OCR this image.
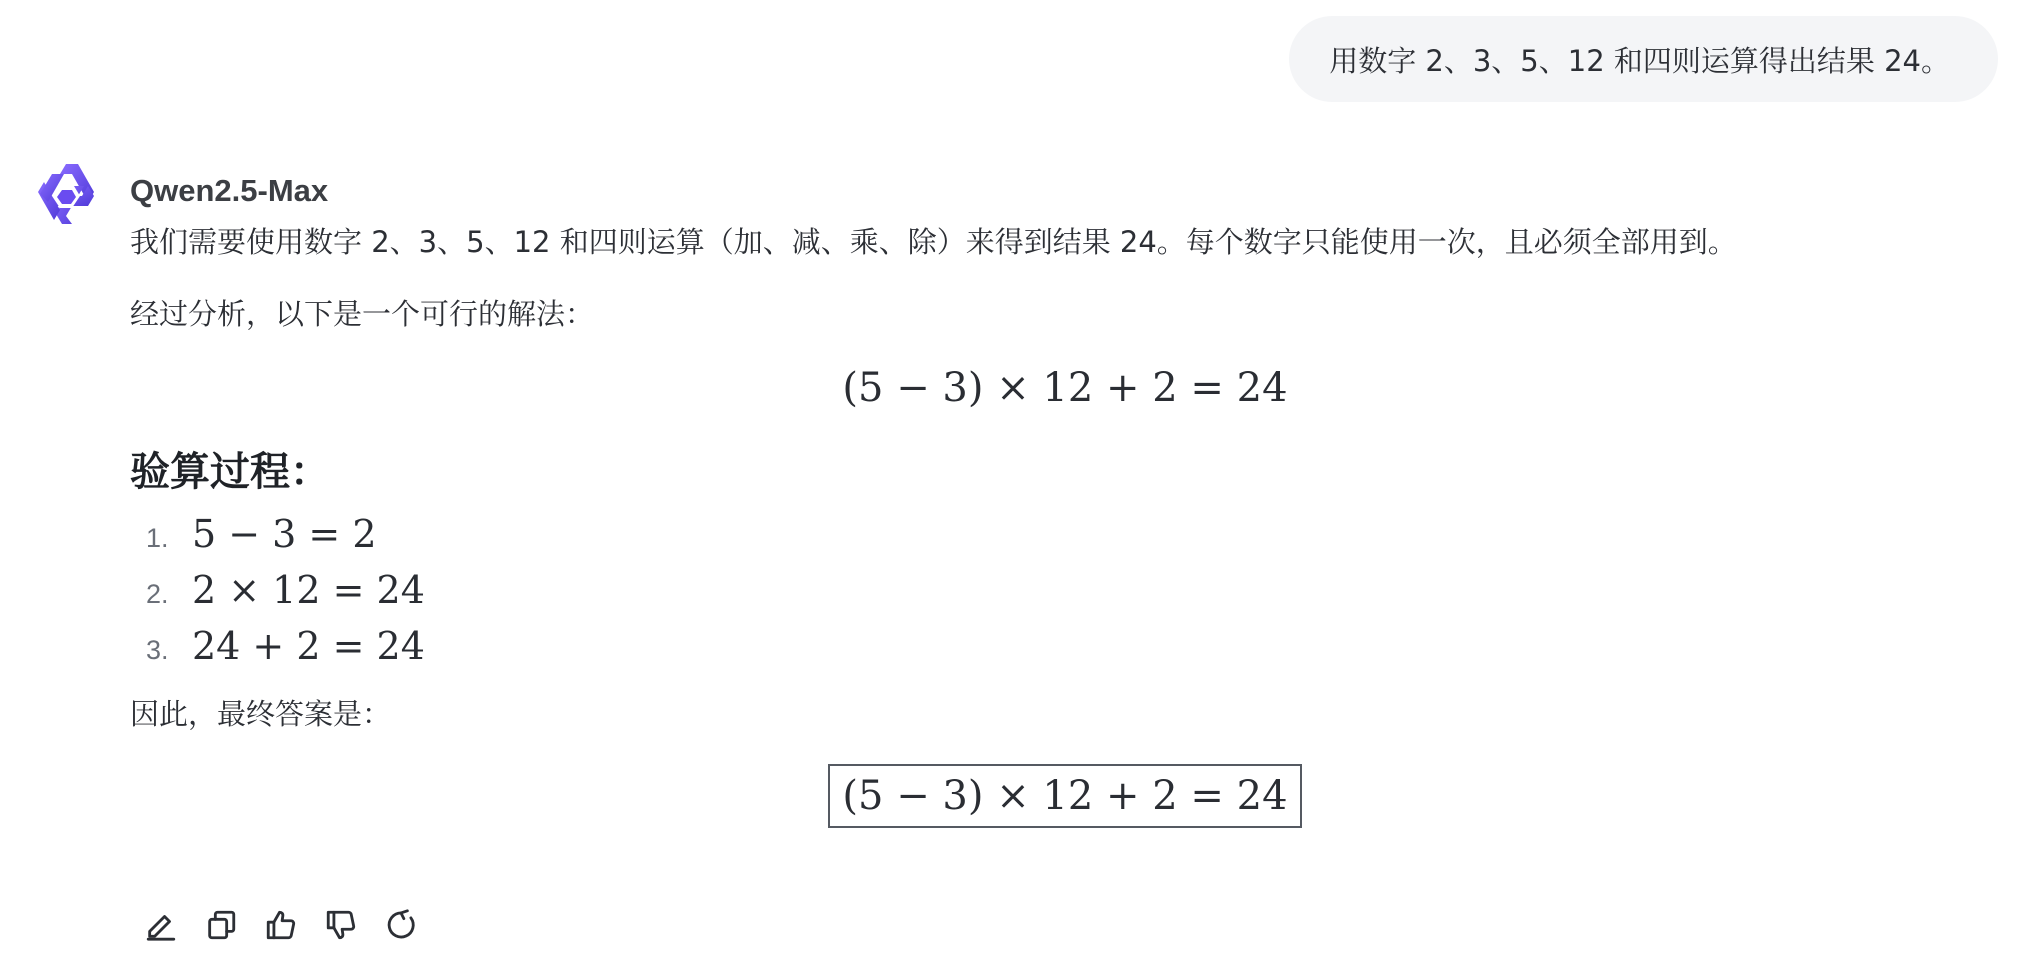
用数字 2、3、5、12 和四则运算得出结果 24。
Qwen2.5-Max
我们需要使用数字 2、3、5、12 和四则运算（加、减、乘、除）来得到结果 24。每个数字只能使用一次，且必须全部用到。
经过分析，以下是一个可行的解法：
(5 − 3) × 12 + 2 = 24
验算过程：
1. 5 − 3 = 2
2. 2 × 12 = 24
3. 24 + 2 = 24
因此，最终答案是：
(5 − 3) × 12 + 2 = 24
